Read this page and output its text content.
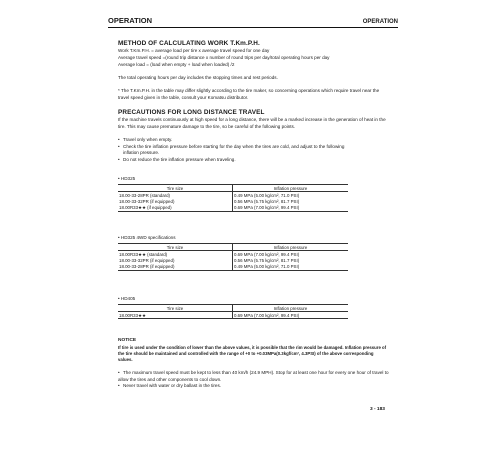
OPERATION	OPERATION
METHOD OF CALCULATING WORK T.Km.P.H.
Work T.Km.P.H. = average load per tire x average travel speed for one day
Average travel speed =(round trip distance x number of round trips per day/total operating hours per day
Average load = (load when empty + load when loaded) /2
The total operating hours per day includes the stopping times and rest periods.
* The T.Km.P.H. in the table may differ slightly according to the tire maker, so concerning operations which require travel near the travel speed given in the table, consult your Komatsu distributor.
PRECAUTIONS FOR LONG DISTANCE TRAVEL
If the machine travels continuously at high speed for a long distance, there will be a marked increase in the generation of heat in the tire. This may cause premature damage to the tire, so be careful of the following points.
• Travel only when empty.
• Check the tire inflation pressure before starting for the day when the tires are cold, and adjust to the following
inflation pressure.
• Do not reduce the tire inflation pressure when traveling.
• HD325
Tire size	Inflation pressure
18.00-33-28PR (standard)	0.49 MPa (5.00 kg/cm², 71.0 PSI)
18.00-33-32PR (if equipped)	0.56 MPa (5.75 kg/cm², 81.7 PSI)
18.00R33★★ (if equipped)	0.69 MPa (7.00 kg/cm², 99.4 PSI)
• HD325 4WD specifications
Tire size	Inflation pressure
18.00R33★★ (standard)	0.69 MPa (7.00 kg/cm², 99.4 PSI)
18.00-33-32PR (if equipped)	0.56 MPa (5.75 kg/cm², 81.7 PSI)
18.00-33-28PR (if equipped)	0.49 MPa (5.00 kg/cm², 71.0 PSI)
• HD405
Tire size	Inflation pressure
18.00R33★★	0.69 MPa (7.00 kg/cm², 99.4 PSI)
NOTICE
If tire is used under the condition of lower than the above values, it is possible that the rim would be damaged. Inflation pressure of the tire should be maintained and controlled with the range of +0 to +0.03MPa(0.3kgf/cm², 4.3PSI) of the above corresponding values.
• The maximum travel speed must be kept to less than 40 km/h (24.9 MPH). Stop for at least one hour for every one hour of travel to allow the tires and other components to cool down.
• Never travel with water or dry ballast in the tires.
3 - 183
